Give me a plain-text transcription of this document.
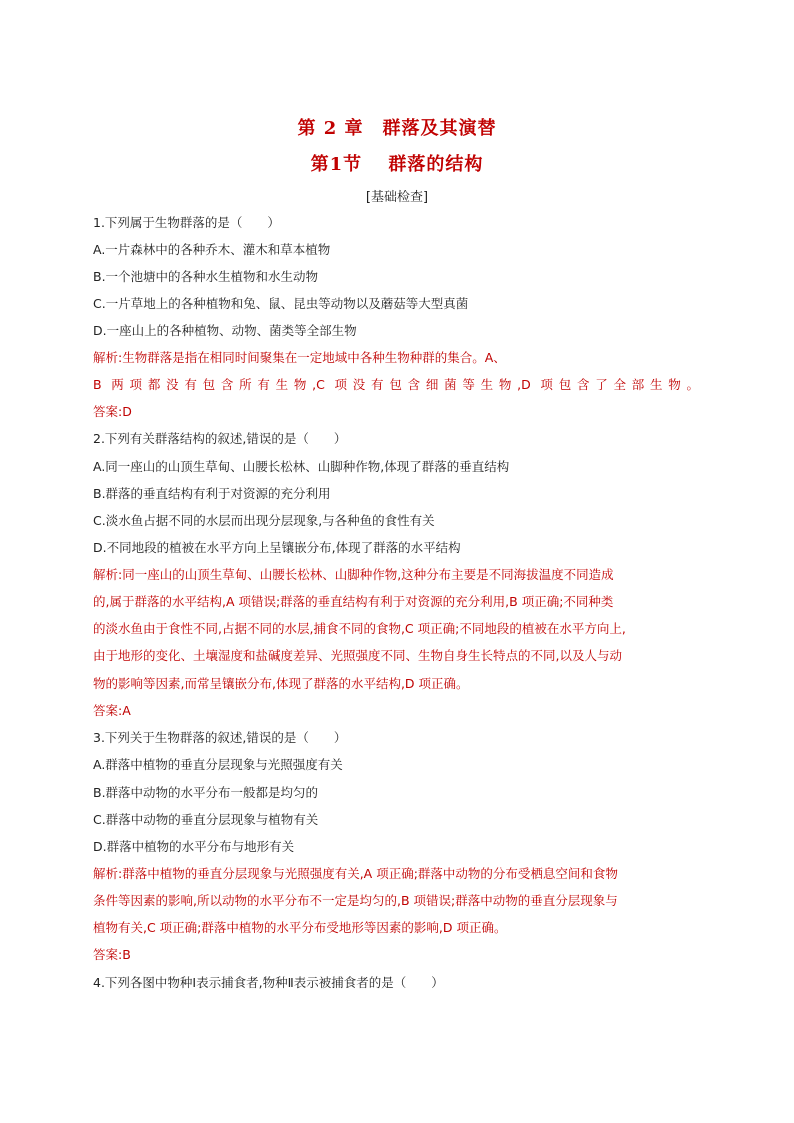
第 2 章　群落及其演替
第1节　 群落的结构
[基础检查]
1.下列属于生物群落的是（　　）
A.一片森林中的各种乔木、灌木和草本植物
B.一个池塘中的各种水生植物和水生动物
C.一片草地上的各种植物和兔、鼠、昆虫等动物以及蘑菇等大型真菌
D.一座山上的各种植物、动物、菌类等全部生物
解析:生物群落是指在相同时间聚集在一定地域中各种生物种群的集合。A、
B 两项都没有包含所有生物,C 项没有包含细菌等生物,D 项包含了全部生物。
答案:D
2.下列有关群落结构的叙述,错误的是（　　）
A.同一座山的山顶生草甸、山腰长松林、山脚种作物,体现了群落的垂直结构
B.群落的垂直结构有利于对资源的充分利用
C.淡水鱼占据不同的水层而出现分层现象,与各种鱼的食性有关
D.不同地段的植被在水平方向上呈镶嵌分布,体现了群落的水平结构
解析:同一座山的山顶生草甸、山腰长松林、山脚种作物,这种分布主要是不同海拔温度不同造成
的,属于群落的水平结构,A 项错误;群落的垂直结构有利于对资源的充分利用,B 项正确;不同种类
的淡水鱼由于食性不同,占据不同的水层,捕食不同的食物,C 项正确;不同地段的植被在水平方向上,
由于地形的变化、土壤湿度和盐碱度差异、光照强度不同、生物自身生长特点的不同,以及人与动
物的影响等因素,而常呈镶嵌分布,体现了群落的水平结构,D 项正确。
答案:A
3.下列关于生物群落的叙述,错误的是（　　）
A.群落中植物的垂直分层现象与光照强度有关
B.群落中动物的水平分布一般都是均匀的
C.群落中动物的垂直分层现象与植物有关
D.群落中植物的水平分布与地形有关
解析:群落中植物的垂直分层现象与光照强度有关,A 项正确;群落中动物的分布受栖息空间和食物
条件等因素的影响,所以动物的水平分布不一定是均匀的,B 项错误;群落中动物的垂直分层现象与
植物有关,C 项正确;群落中植物的水平分布受地形等因素的影响,D 项正确。
答案:B
4.下列各图中物种Ⅰ表示捕食者,物种Ⅱ表示被捕食者的是（　　）
